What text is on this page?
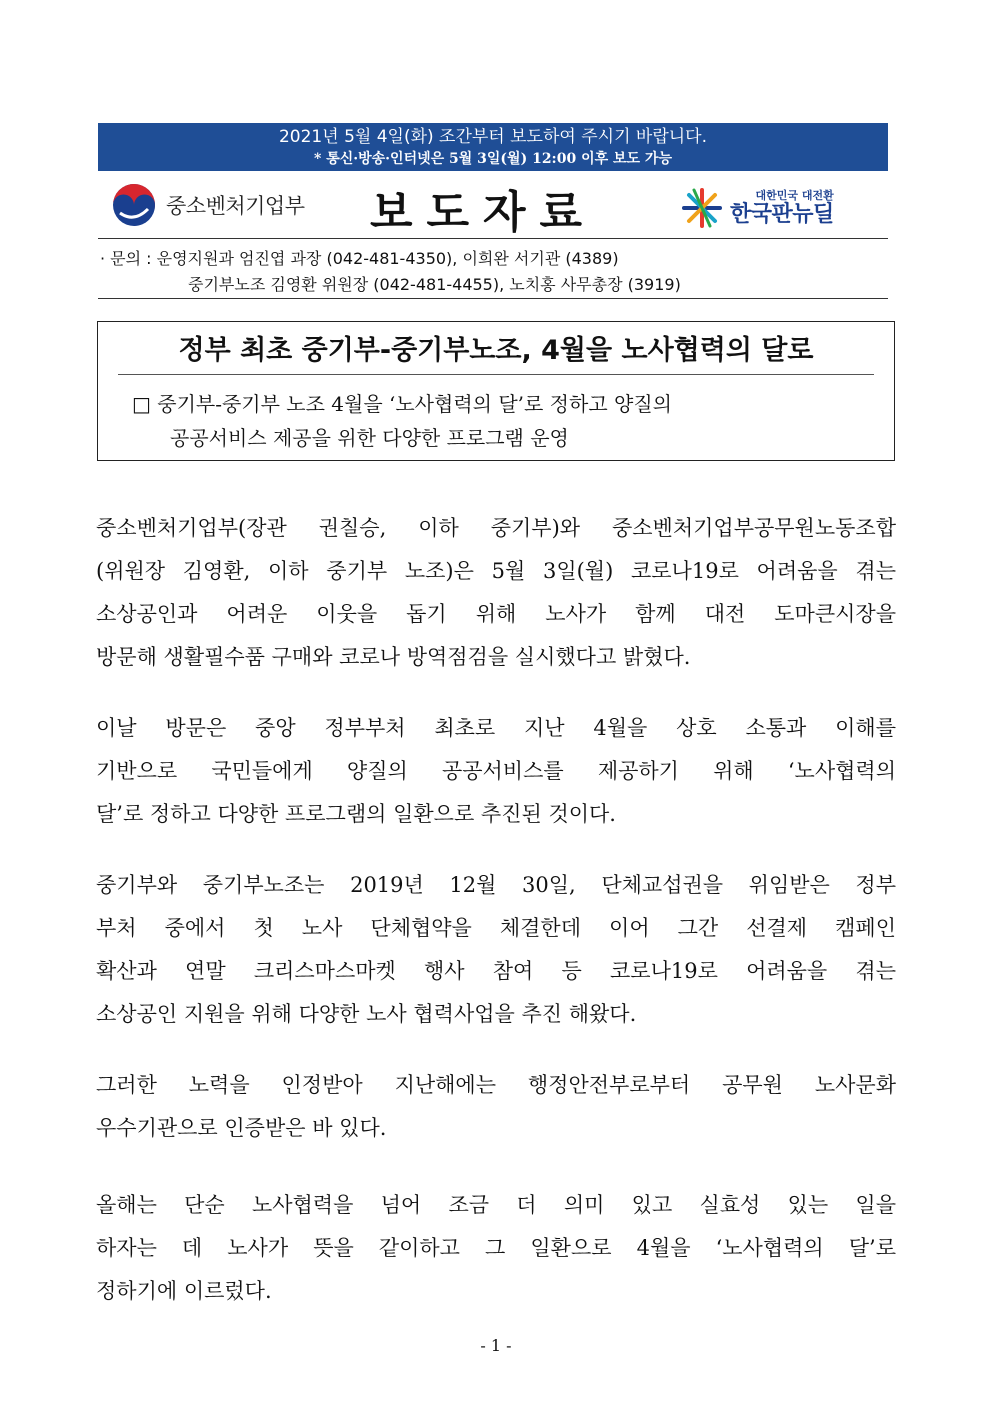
2021년 5월 4일(화) 조간부터 보도하여 주시기 바랍니다.
* 통신·방송·인터넷은 5월 3일(월) 12:00 이후 보도 가능
중소벤처기업부 보도자료	대한민국 대전환
한국판뉴딜
· 문의 : 운영지원과 엄진엽 과장 (042-481-4350), 이희완 서기관 (4389)
중기부노조 김영환 위원장 (042-481-4455), 노치홍 사무총장 (3919)
정부 최초 중기부-중기부노조, 4월을 노사협력의 달로
□ 중기부-중기부 노조 4월을 ‘노사협력의 달’로 정하고 양질의
공공서비스 제공을 위한 다양한 프로그램 운영
중소벤처기업부(장관 권칠승, 이하 중기부)와 중소벤처기업부공무원노동조합
(위원장 김영환, 이하 중기부 노조)은 5월 3일(월) 코로나19로 어려움을 겪는
소상공인과 어려운 이웃을 돕기 위해 노사가 함께 대전 도마큰시장을
방문해 생활필수품 구매와 코로나 방역점검을 실시했다고 밝혔다.
이날 방문은 중앙 정부부처 최초로 지난 4월을 상호 소통과 이해를
기반으로 국민들에게 양질의 공공서비스를 제공하기 위해 ‘노사협력의
달’로 정하고 다양한 프로그램의 일환으로 추진된 것이다.
중기부와 중기부노조는 2019년 12월 30일, 단체교섭권을 위임받은 정부
부처 중에서 첫 노사 단체협약을 체결한데 이어 그간 선결제 캠페인
확산과 연말 크리스마스마켓 행사 참여 등 코로나19로 어려움을 겪는
소상공인 지원을 위해 다양한 노사 협력사업을 추진 해왔다.
그러한 노력을 인정받아 지난해에는 행정안전부로부터 공무원 노사문화
우수기관으로 인증받은 바 있다.
올해는 단순 노사협력을 넘어 조금 더 의미 있고 실효성 있는 일을
하자는 데 노사가 뜻을 같이하고 그 일환으로 4월을 ‘노사협력의 달’로
정하기에 이르렀다.
- 1 -
